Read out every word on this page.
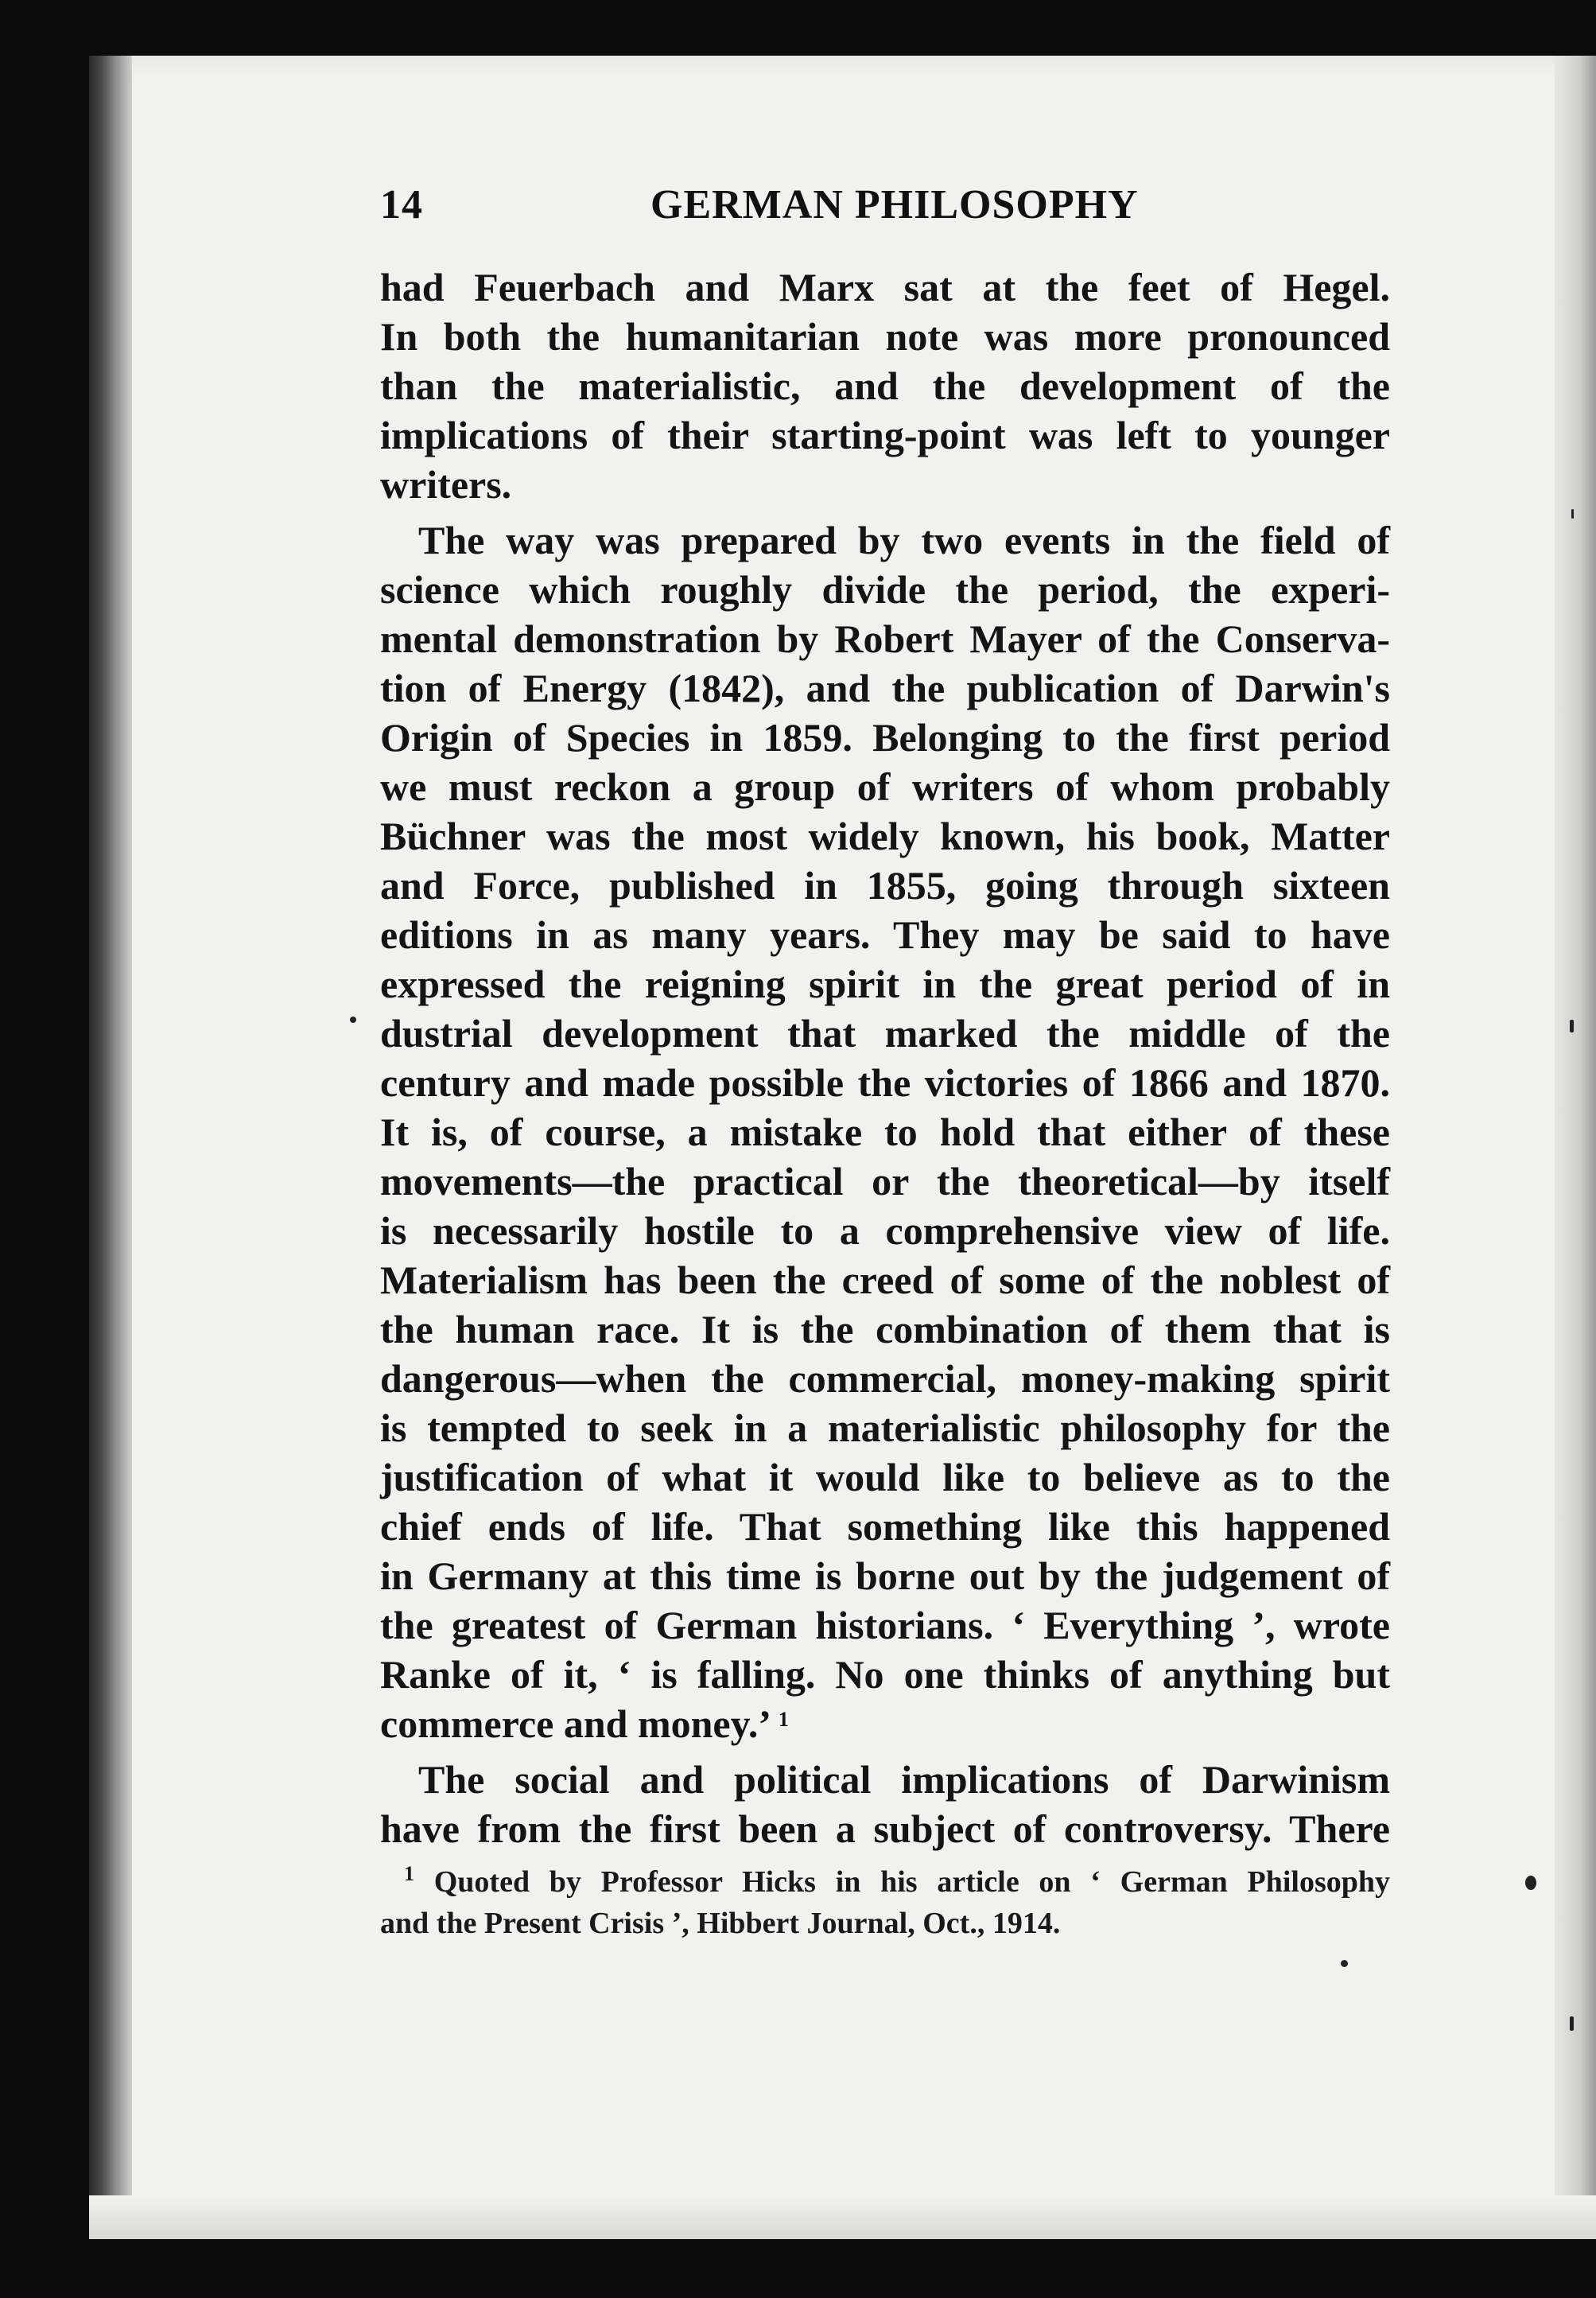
14	GERMAN PHILOSOPHY
had Feuerbach and Marx sat at the feet of Hegel.
In both the humanitarian note was more pronounced
than the materialistic, and the development of the
implications of their starting-point was left to younger
writers.
The way was prepared by two events in the field of
science which roughly divide the period, the experi-
mental demonstration by Robert Mayer of the Conserva-
tion of Energy (1842), and the publication of Darwin's
Origin of Species in 1859. Belonging to the first period
we must reckon a group of writers of whom probably
Büchner was the most widely known, his book, Matter
and Force, published in 1855, going through sixteen
editions in as many years. They may be said to have
expressed the reigning spirit in the great period of in
dustrial development that marked the middle of the
century and made possible the victories of 1866 and 1870.
It is, of course, a mistake to hold that either of these
movements—the practical or the theoretical—by itself
is necessarily hostile to a comprehensive view of life.
Materialism has been the creed of some of the noblest of
the human race. It is the combination of them that is
dangerous—when the commercial, money-making spirit
is tempted to seek in a materialistic philosophy for the
justification of what it would like to believe as to the
chief ends of life. That something like this happened
in Germany at this time is borne out by the judgement of
the greatest of German historians. ‘ Everything ’, wrote
Ranke of it, ‘ is falling. No one thinks of anything but
commerce and money.’ $^1$
The social and political implications of Darwinism
have from the first been a subject of controversy. There
$^1$ Quoted by Professor Hicks in his article on ‘ German Philosophy
and the Present Crisis ’, Hibbert Journal, Oct., 1914.
